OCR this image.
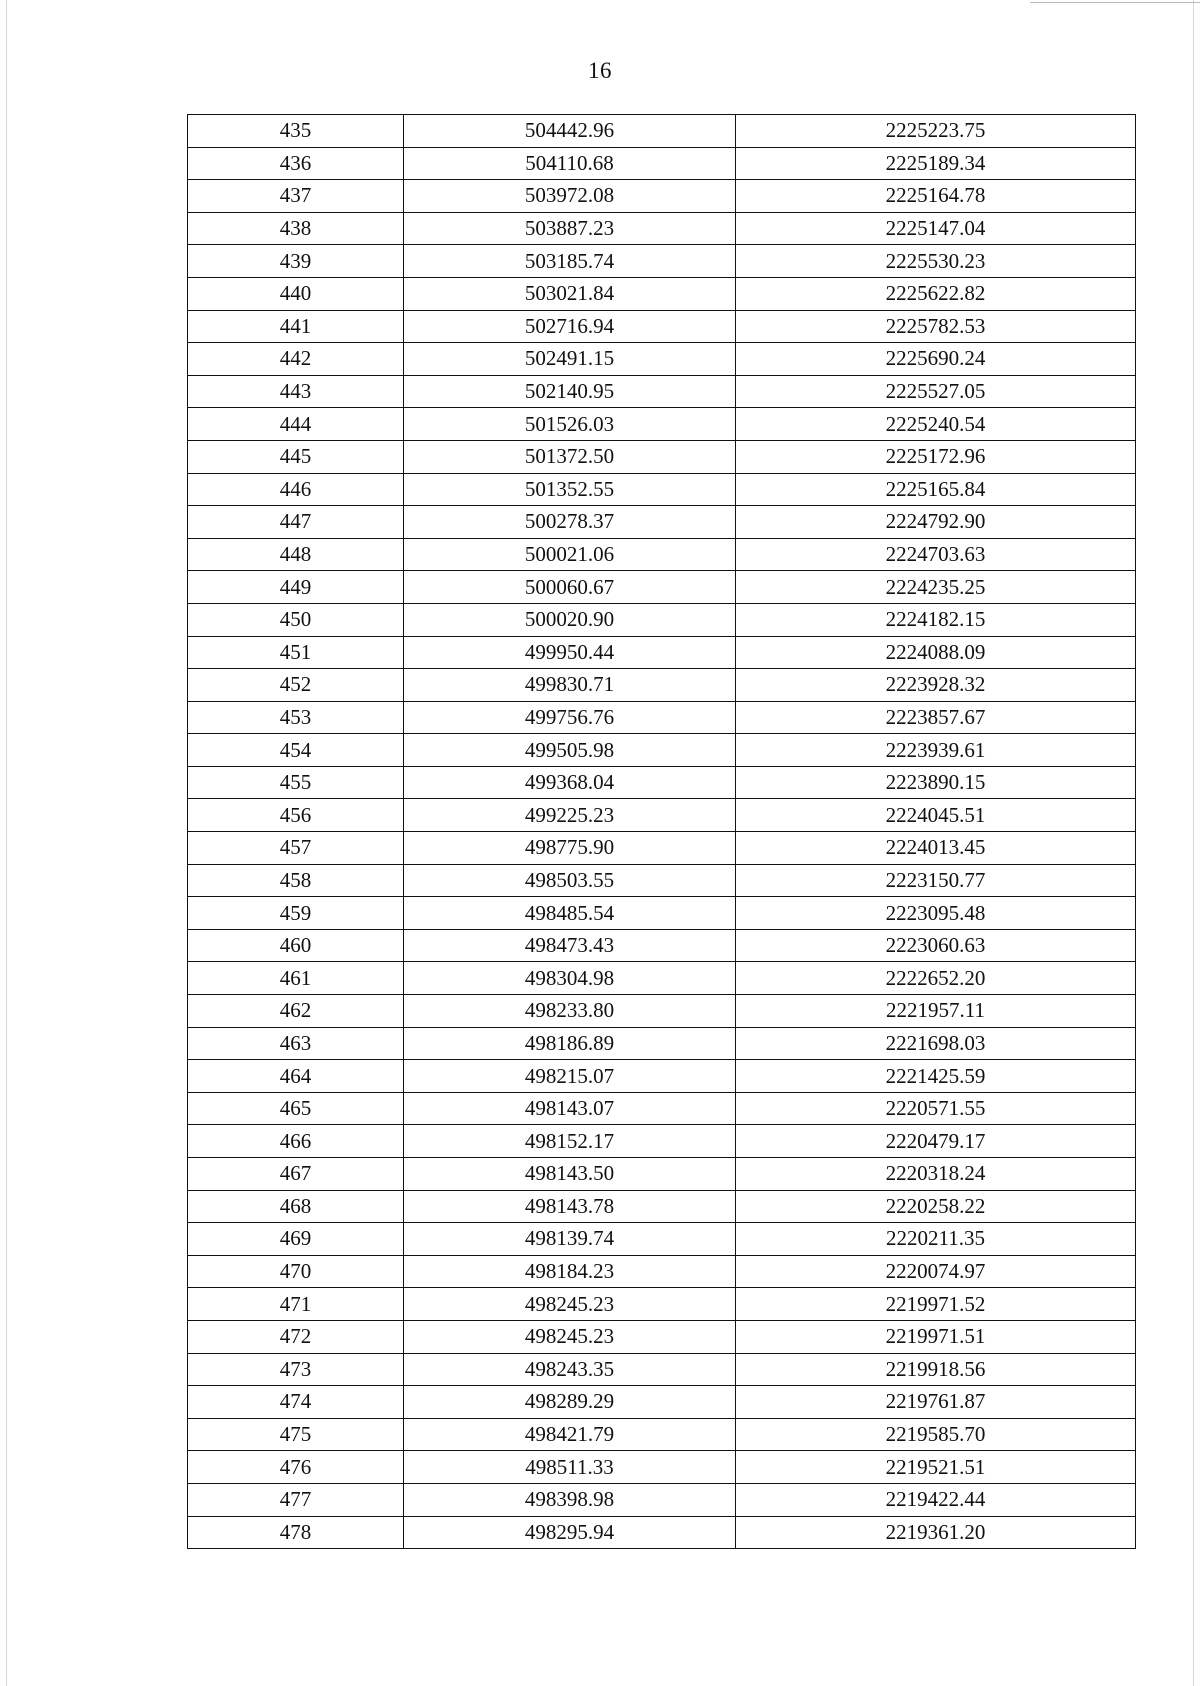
16
435	504442.96	2225223.75
436	504110.68	2225189.34
437	503972.08	2225164.78
438	503887.23	2225147.04
439	503185.74	2225530.23
440	503021.84	2225622.82
441	502716.94	2225782.53
442	502491.15	2225690.24
443	502140.95	2225527.05
444	501526.03	2225240.54
445	501372.50	2225172.96
446	501352.55	2225165.84
447	500278.37	2224792.90
448	500021.06	2224703.63
449	500060.67	2224235.25
450	500020.90	2224182.15
451	499950.44	2224088.09
452	499830.71	2223928.32
453	499756.76	2223857.67
454	499505.98	2223939.61
455	499368.04	2223890.15
456	499225.23	2224045.51
457	498775.90	2224013.45
458	498503.55	2223150.77
459	498485.54	2223095.48
460	498473.43	2223060.63
461	498304.98	2222652.20
462	498233.80	2221957.11
463	498186.89	2221698.03
464	498215.07	2221425.59
465	498143.07	2220571.55
466	498152.17	2220479.17
467	498143.50	2220318.24
468	498143.78	2220258.22
469	498139.74	2220211.35
470	498184.23	2220074.97
471	498245.23	2219971.52
472	498245.23	2219971.51
473	498243.35	2219918.56
474	498289.29	2219761.87
475	498421.79	2219585.70
476	498511.33	2219521.51
477	498398.98	2219422.44
478	498295.94	2219361.20
